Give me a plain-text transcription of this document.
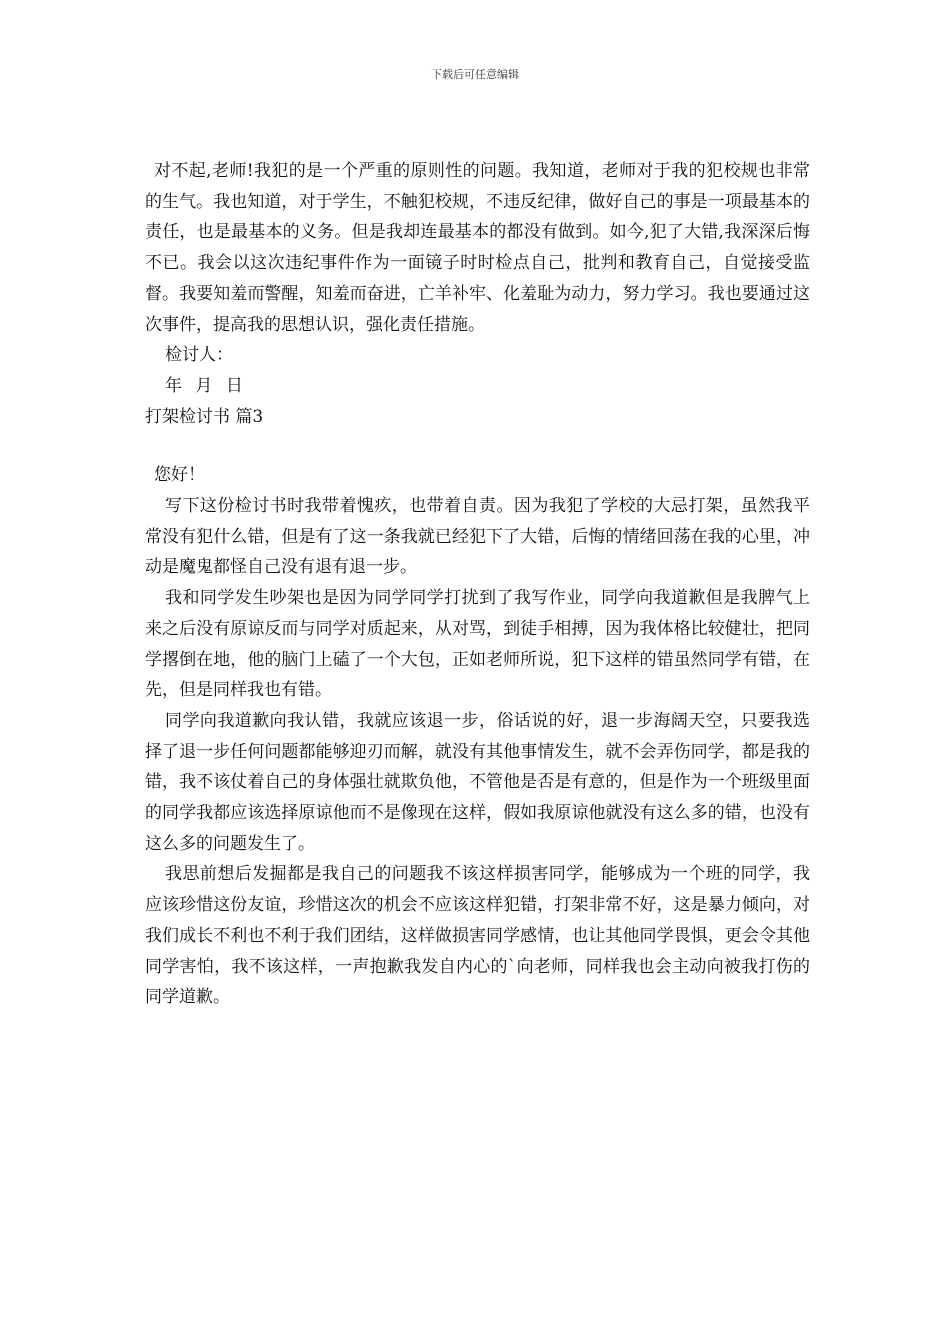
下载后可任意编辑

对不起,老师!我犯的是一个严重的原则性的问题。我知道，老师对于我的犯校规也非常的生气。我也知道，对于学生，不触犯校规，不违反纪律，做好自己的事是一项最基本的责任，也是最基本的义务。但是我却连最基本的都没有做到。如今,犯了大错,我深深后悔不已。我会以这次违纪事件作为一面镜子时时检点自己，批判和教育自己，自觉接受监督。我要知羞而警醒，知羞而奋进，亡羊补牢、化羞耻为动力，努力学习。我也要通过这次事件，提高我的思想认识，强化责任措施。

检讨人：

年 月 日

打架检讨书 篇3

您好！

写下这份检讨书时我带着愧疚，也带着自责。因为我犯了学校的大忌打架，虽然我平常没有犯什么错，但是有了这一条我就已经犯下了大错，后悔的情绪回荡在我的心里，冲动是魔鬼都怪自己没有退有退一步。

我和同学发生吵架也是因为同学同学打扰到了我写作业，同学向我道歉但是我脾气上来之后没有原谅反而与同学对质起来，从对骂，到徒手相搏，因为我体格比较健壮，把同学撂倒在地，他的脑门上磕了一个大包，正如老师所说，犯下这样的错虽然同学有错，在先，但是同样我也有错。

同学向我道歉向我认错，我就应该退一步，俗话说的好，退一步海阔天空，只要我选择了退一步任何问题都能够迎刃而解，就没有其他事情发生，就不会弄伤同学，都是我的错，我不该仗着自己的身体强壮就欺负他，不管他是否是有意的，但是作为一个班级里面的同学我都应该选择原谅他而不是像现在这样，假如我原谅他就没有这么多的错，也没有这么多的问题发生了。

我思前想后发掘都是我自己的问题我不该这样损害同学，能够成为一个班的同学，我应该珍惜这份友谊，珍惜这次的机会不应该这样犯错，打架非常不好，这是暴力倾向，对我们成长不利也不利于我们团结，这样做损害同学感情，也让其他同学畏惧，更会令其他同学害怕，我不该这样，一声抱歉我发自内心的`向老师，同样我也会主动向被我打伤的同学道歉。
